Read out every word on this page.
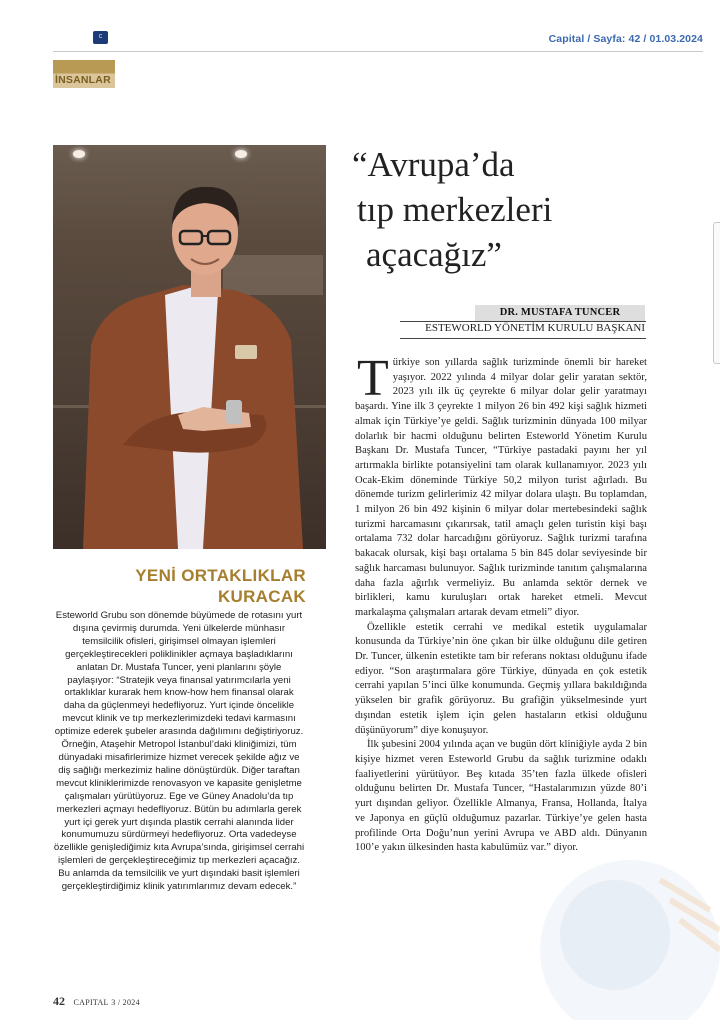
C	Capital / Sayfa: 42 / 01.03.2024
İNSANLAR
YENİ ORTAKLIKLAR
KURACAK

Esteworld Grubu son dönemde büyümede de rotasını yurt dışına çevirmiş durumda. Yeni ülkelerde münhasır temsilcilik ofisleri, girişimsel olmayan işlemleri gerçekleştirecekleri poliklinikler açmaya başladıklarını anlatan Dr. Mustafa Tuncer, yeni planlarını şöyle paylaşıyor: “Stratejik veya finansal yatırımcılarla yeni ortaklıklar kurarak hem know-how hem finansal olarak daha da güçlenmeyi hedefliyoruz. Yurt içinde öncelikle mevcut klinik ve tıp merkezlerimizdeki tedavi karmasını optimize ederek şubeler arasında dağılımını değiştiriyoruz. Örneğin, Ataşehir Metropol İstanbul’daki kliniğimizi, tüm dünyadaki misafirlerimize hizmet verecek şekilde ağız ve diş sağlığı merkezimiz haline dönüştürdük. Diğer taraftan mevcut kliniklerimizde renovasyon ve kapasite genişletme çalışmaları yürütüyoruz. Ege ve Güney Anadolu’da tıp merkezleri açmayı hedefliyoruz. Bütün bu adımlarla gerek yurt içi gerek yurt dışında plastik cerrahi alanında lider konumumuzu sürdürmeyi hedefliyoruz. Orta vadedeyse özellikle genişlediğimiz kıta Avrupa’sında, girişimsel cerrahi işlemleri de gerçekleştireceğimiz tıp merkezleri açacağız. Bu anlamda da temsilcilik ve yurt dışındaki basit işlemleri gerçekleştirdiğimiz klinik yatırımlarımız devam edecek.”

“Avrupa’da
tıp merkezleri
açacağız”
DR. MUSTAFA TUNCER
ESTEWORLD YÖNETİM KURULU BAŞKANI

Türkiye son yıllarda sağlık turizminde önemli bir hareket yaşıyor. 2022 yılında 4 milyar dolar gelir yaratan sektör, 2023 yılı ilk üç çeyrekte 6 milyar dolar gelir yaratmayı başardı. Yine ilk 3 çeyrekte 1 milyon 26 bin 492 kişi sağlık hizmeti almak için Türkiye’ye geldi. Sağlık turizminin dünyada 100 milyar dolarlık bir hacmi olduğunu belirten Esteworld Yönetim Kurulu Başkanı Dr. Mustafa Tuncer, “Türkiye pastadaki payını her yıl artırmakla birlikte potansiyelini tam olarak kullanamıyor. 2023 yılı Ocak-Ekim döneminde Türkiye 50,2 milyon turist ağırladı. Bu dönemde turizm gelirlerimiz 42 milyar dolara ulaştı. Bu toplamdan, 1 milyon 26 bin 492 kişinin 6 milyar dolar mertebesindeki sağlık turizmi harcamasını çıkarırsak, tatil amaçlı gelen turistin kişi başı ortalama 732 dolar harcadığını görüyoruz. Sağlık turizmi tarafına bakacak olursak, kişi başı ortalama 5 bin 845 dolar seviyesinde bir sağlık harcaması bulunuyor. Sağlık turizminde tanıtım çalışmalarına daha fazla ağırlık vermeliyiz. Bu anlamda sektör dernek ve birlikleri, kamu kuruluşları ortak hareket etmeli. Mevcut markalaşma çalışmaları artarak devam etmeli” diyor.

Özellikle estetik cerrahi ve medikal estetik uygulamalar konusunda da Türkiye’nin öne çıkan bir ülke olduğunu dile getiren Dr. Tuncer, ülkenin estetikte tam bir referans noktası olduğunu ifade ediyor. “Son araştırmalara göre Türkiye, dünyada en çok estetik cerrahi yapılan 5’inci ülke konumunda. Geçmiş yıllara bakıldığında yükselen bir grafik görüyoruz. Bu grafiğin yükselmesinde yurt dışından estetik işlem için gelen hastaların etkisi olduğunu düşünüyorum” diye konuşuyor.

İlk şubesini 2004 yılında açan ve bugün dört kliniğiyle ayda 2 bin kişiye hizmet veren Esteworld Grubu da sağlık turizmine odaklı faaliyetlerini yürütüyor. Beş kıtada 35’ten fazla ülkede ofisleri olduğunu belirten Dr. Mustafa Tuncer, “Hastalarımızın yüzde 80’i yurt dışından geliyor. Özellikle Almanya, Fransa, Hollanda, İtalya ve Japonya en güçlü olduğumuz pazarlar. Türkiye’ye gelen hasta profilinde Orta Doğu’nun yerini Avrupa ve ABD aldı. Dünyanın 100’e yakın ülkesinden hasta kabulümüz var.” diyor.

42 CAPITAL 3 / 2024
